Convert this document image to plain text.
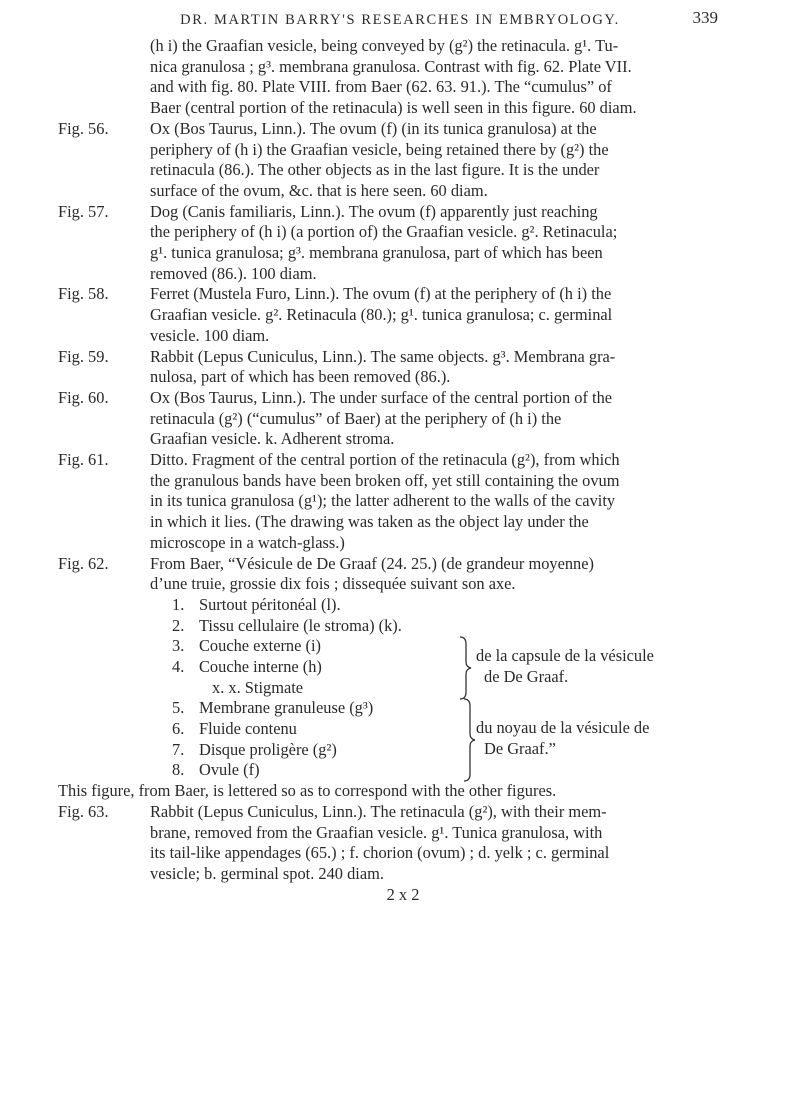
DR. MARTIN BARRY'S RESEARCHES IN EMBRYOLOGY.	339

(h i) the Graafian vesicle, being conveyed by (g²) the retinacula. g¹. Tu-

nica granulosa ; g³. membrana granulosa. Contrast with fig. 62. Plate VII.

and with fig. 80. Plate VIII. from Baer (62. 63. 91.). The “cumulus” of

Baer (central portion of the retinacula) is well seen in this figure. 60 diam.

Fig. 56.	Ox (Bos Taurus, Linn.). The ovum (f) (in its tunica granulosa) at the

periphery of (h i) the Graafian vesicle, being retained there by (g²) the

retinacula (86.). The other objects as in the last figure. It is the under

surface of the ovum, &c. that is here seen. 60 diam.

Fig. 57.	Dog (Canis familiaris, Linn.). The ovum (f) apparently just reaching

the periphery of (h i) (a portion of) the Graafian vesicle. g². Retinacula;

g¹. tunica granulosa; g³. membrana granulosa, part of which has been

removed (86.). 100 diam.

Fig. 58.	Ferret (Mustela Furo, Linn.). The ovum (f) at the periphery of (h i) the

Graafian vesicle. g². Retinacula (80.); g¹. tunica granulosa; c. germinal

vesicle. 100 diam.

Fig. 59.	Rabbit (Lepus Cuniculus, Linn.). The same objects. g³. Membrana gra-

nulosa, part of which has been removed (86.).

Fig. 60.	Ox (Bos Taurus, Linn.). The under surface of the central portion of the

retinacula (g²) (“cumulus” of Baer) at the periphery of (h i) the

Graafian vesicle. k. Adherent stroma.

Fig. 61.	Ditto. Fragment of the central portion of the retinacula (g²), from which

the granulous bands have been broken off, yet still containing the ovum

in its tunica granulosa (g¹); the latter adherent to the walls of the cavity

in which it lies. (The drawing was taken as the object lay under the

microscope in a watch-glass.)

Fig. 62.	From Baer, “Vésicule de De Graaf (24. 25.) (de grandeur moyenne)

d’une truie, grossie dix fois ; dissequée suivant son axe.

1. Surtout péritonéal (l).
2. Tissu cellulaire (le stroma) (k).
3. Couche externe (i)
4. Couche interne (h)
x. x. Stigmate

de la capsule de la vésicule

de De Graaf.

5. Membrane granuleuse (g³)
6. Fluide contenu
7. Disque proligère (g²)
8. Ovule (f)

du noyau de la vésicule de

De Graaf.”

This figure, from Baer, is lettered so as to correspond with the other figures.

Fig. 63.	Rabbit (Lepus Cuniculus, Linn.). The retinacula (g²), with their mem-

brane, removed from the Graafian vesicle. g¹. Tunica granulosa, with

its tail-like appendages (65.) ; f. chorion (ovum) ; d. yelk ; c. germinal

vesicle; b. germinal spot. 240 diam.

2 x 2
